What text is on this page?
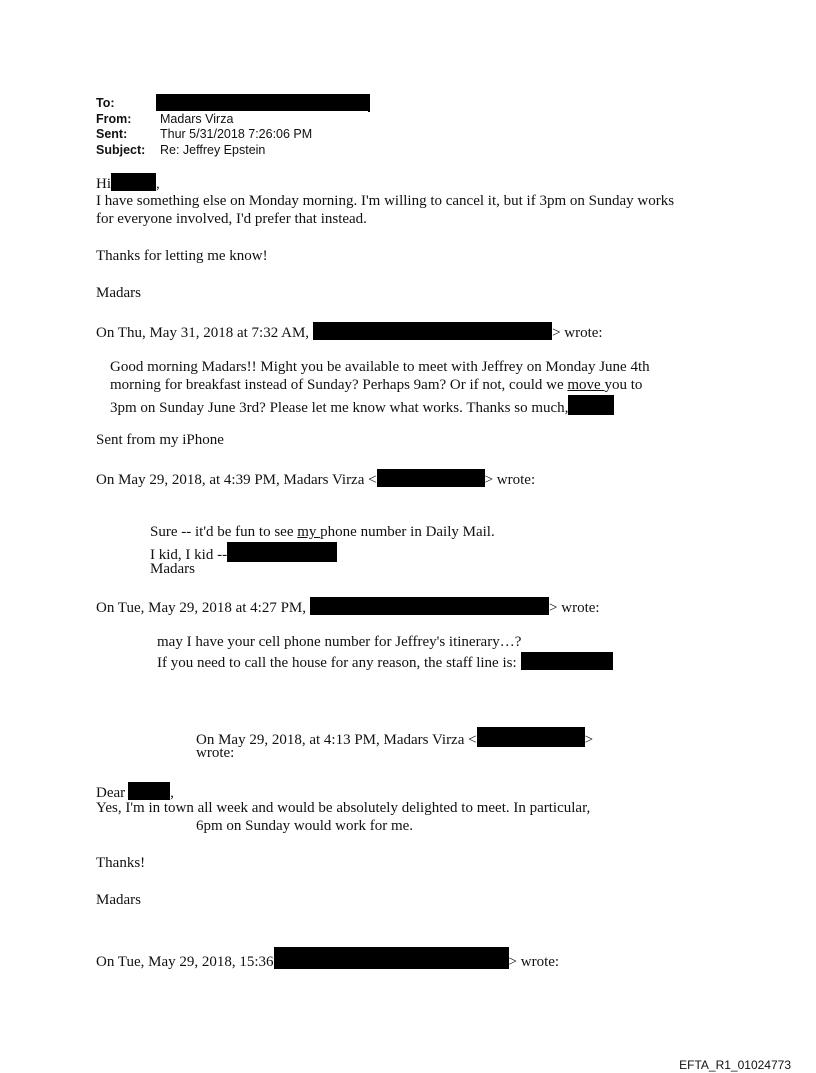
To:
From: Madars Virza
Sent:	Thur 5/31/2018 7:26:06 PM
Subject: Re: Jeffrey Epstein
Hi	,
I have something else on Monday morning. I'm willing to cancel it, but if 3pm on Sunday works
for everyone involved, I'd prefer that instead.
Thanks for letting me know!
Madars
On Thu, May 31, 2018 at 7:32 AM,	> wrote:
Good morning Madars!! Might you be available to meet with Jeffrey on Monday June 4th
morning for breakfast instead of Sunday? Perhaps 9am? Or if not, could we move you to
3pm on Sunday June 3rd? Please let me know what works. Thanks so much,
Sent from my iPhone
On May 29, 2018, at 4:39 PM, Madars Virza <	> wrote:
Sure -- it'd be fun to see my phone number in Daily Mail.
I kid, I kid --
Madars
On Tue, May 29, 2018 at 4:27 PM,	> wrote:
may I have your cell phone number for Jeffrey's itinerary…?
If you need to call the house for any reason, the staff line is:
On May 29, 2018, at 4:13 PM, Madars Virza <	>
wrote:
Dear	,
Yes, I'm in town all week and would be absolutely delighted to meet. In particular,
6pm on Sunday would work for me.
Thanks!
Madars
On Tue, May 29, 2018, 15:36	> wrote:
EFTA_R1_01024773
